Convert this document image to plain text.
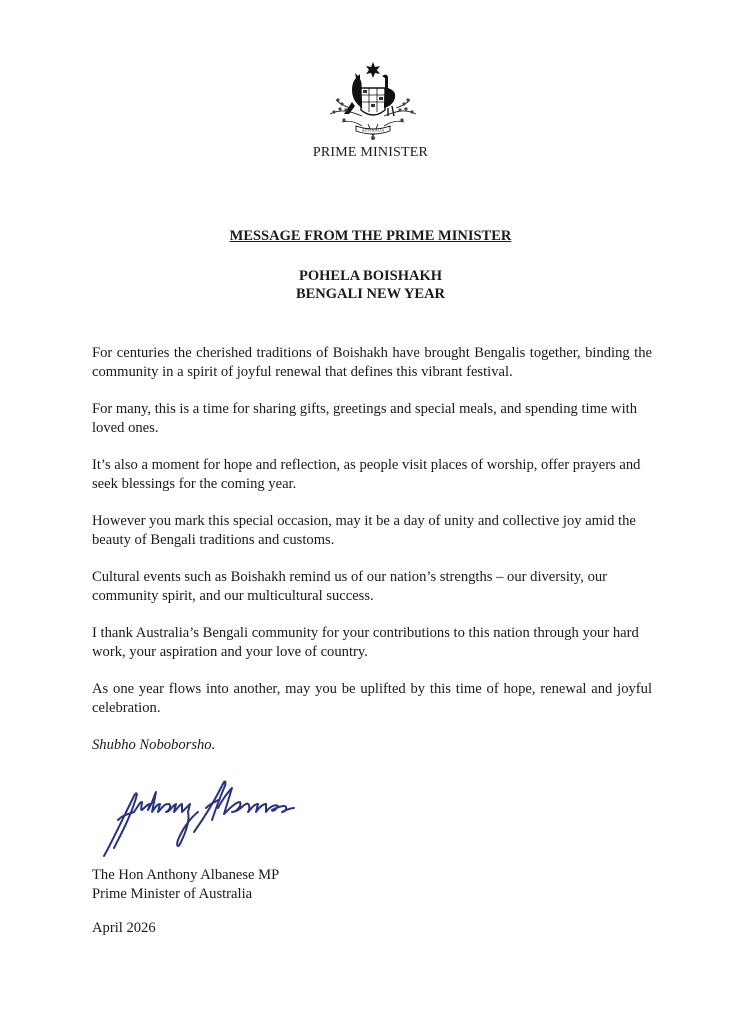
AUSTRALIA
PRIME MINISTER
MESSAGE FROM THE PRIME MINISTER
POHELA BOISHAKH
BENGALI NEW YEAR

For centuries the cherished traditions of Boishakh have brought Bengalis together, binding the community in a spirit of joyful renewal that defines this vibrant festival.

For many, this is a time for sharing gifts, greetings and special meals, and spending time with loved ones.

It’s also a moment for hope and reflection, as people visit places of worship, offer prayers and seek blessings for the coming year.

However you mark this special occasion, may it be a day of unity and collective joy amid the beauty of Bengali traditions and customs.

Cultural events such as Boishakh remind us of our nation’s strengths – our diversity, our community spirit, and our multicultural success.

I thank Australia’s Bengali community for your contributions to this nation through your hard work, your aspiration and your love of country.

As one year flows into another, may you be uplifted by this time of hope, renewal and joyful celebration.

Shubho Noboborsho.

The Hon Anthony Albanese MP
Prime Minister of Australia
April 2026
